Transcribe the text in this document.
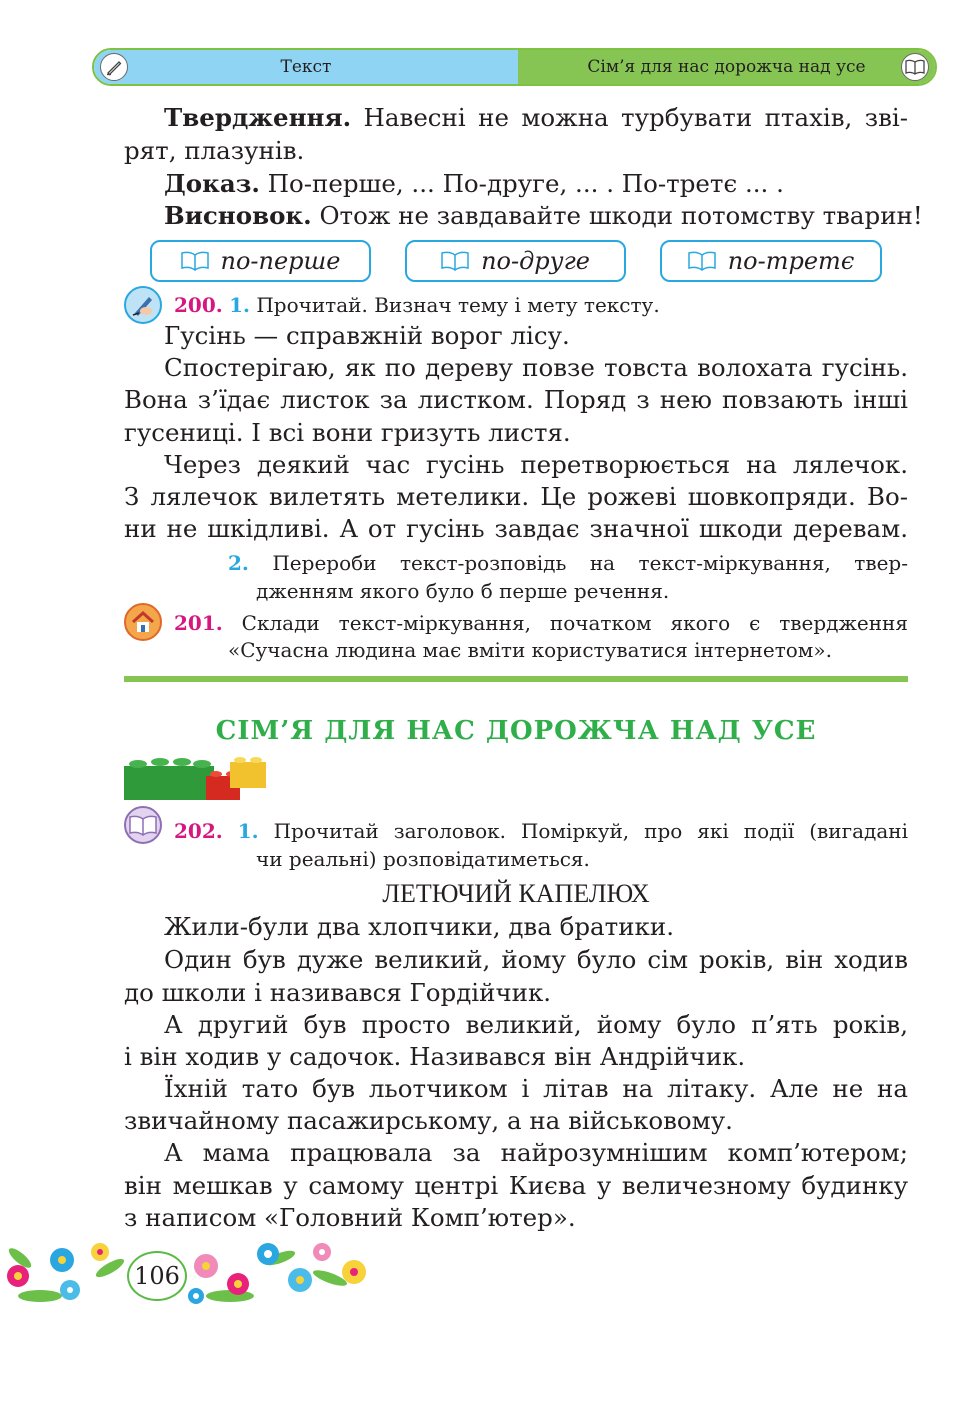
Текст	Сім’я для нас дорожча над усе

Твердження. Навесні не можна турбувати птахів, зві-

рят, плазунів.

Доказ. По-перше, ... По-друге, ... . По-третє ... .

Висновок. Отож не завдавайте шкоди потомству тварин!

по-перше	по-друге	по-третє
200. 1. Прочитай. Визнач тему і мету тексту.

Гусінь — справжній ворог лісу.

Спостерігаю, як по дереву повзе товста волохата гусінь.

Вона з’їдає листок за листком. Поряд з нею повзають інші

гусениці. І всі вони гризуть листя.

Через деякий час гусінь перетворюється на лялечок.

З лялечок вилетять метелики. Це рожеві шовкопряди. Во-

ни не шкідливі. А от гусінь завдає значної шкоди деревам.

2. Перероби текст-розповідь на текст-міркування, твер-
дженням якого було б перше речення.
201. Склади текст-міркування, початком якого є твердження
«Сучасна людина має вміти користуватися інтернетом».
СІМ’Я ДЛЯ НАС ДОРОЖЧА НАД УСЕ
202. 1. Прочитай заголовок. Поміркуй, про які події (вигадані
чи реальні) розповідатиметься.
ЛЕТЮЧИЙ КАПЕЛЮХ

Жили-були два хлопчики, два братики.

Один був дуже великий, йому було сім років, він ходив

до школи і називався Гордійчик.

А другий був просто великий, йому було п’ять років,

і він ходив у садочок. Називався він Андрійчик.

Їхній тато був льотчиком і літав на літаку. Але не на

звичайному пасажирському, а на військовому.

А мама працювала за найрозумнішим комп’ютером;

він мешкав у самому центрі Києва у величезному будинку

з написом «Головний Комп’ютер».

106
